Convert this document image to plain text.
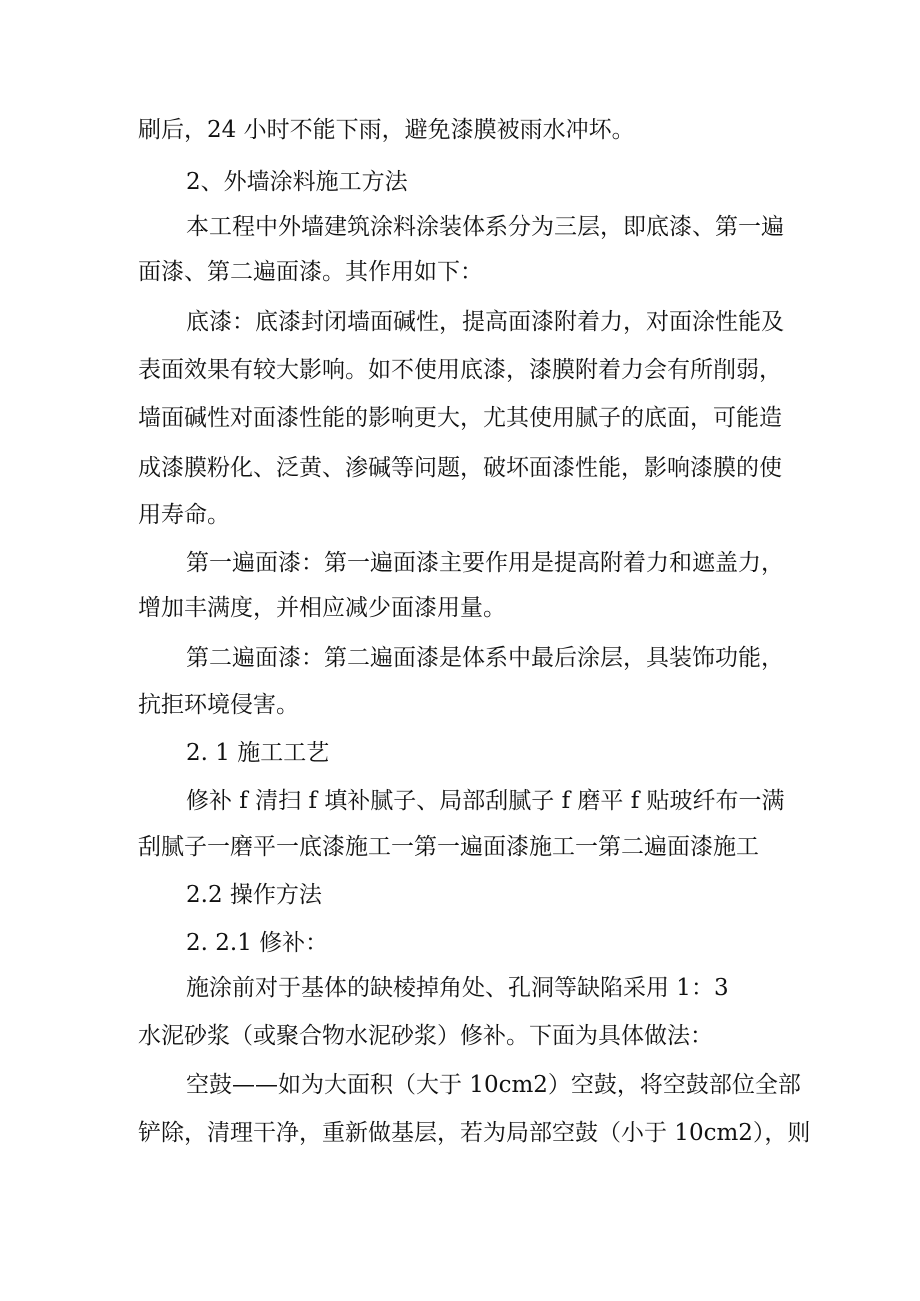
刷后，24 小时不能下雨，避免漆膜被雨水冲坏。
2、外墙涂料施工方法
本工程中外墙建筑涂料涂装体系分为三层，即底漆、第一遍
面漆、第二遍面漆。其作用如下：
底漆：底漆封闭墙面碱性，提高面漆附着力，对面涂性能及
表面效果有较大影响。如不使用底漆，漆膜附着力会有所削弱，
墙面碱性对面漆性能的影响更大，尤其使用腻子的底面，可能造
成漆膜粉化、泛黄、渗碱等问题，破坏面漆性能，影响漆膜的使
用寿命。
第一遍面漆：第一遍面漆主要作用是提高附着力和遮盖力，
增加丰满度，并相应减少面漆用量。
第二遍面漆：第二遍面漆是体系中最后涂层，具装饰功能，
抗拒环境侵害。
2. 1 施工工艺
修补 f 清扫 f 填补腻子、局部刮腻子 f 磨平 f 贴玻纤布一满
刮腻子一磨平一底漆施工一第一遍面漆施工一第二遍面漆施工
2.2 操作方法
2. 2.1 修补：
施涂前对于基体的缺棱掉角处、孔洞等缺陷采用 1：3
水泥砂浆（或聚合物水泥砂浆）修补。下面为具体做法：
空鼓——如为大面积（大于 10cm2）空鼓，将空鼓部位全部
铲除，清理干净，重新做基层，若为局部空鼓（小于 10cm2），则
